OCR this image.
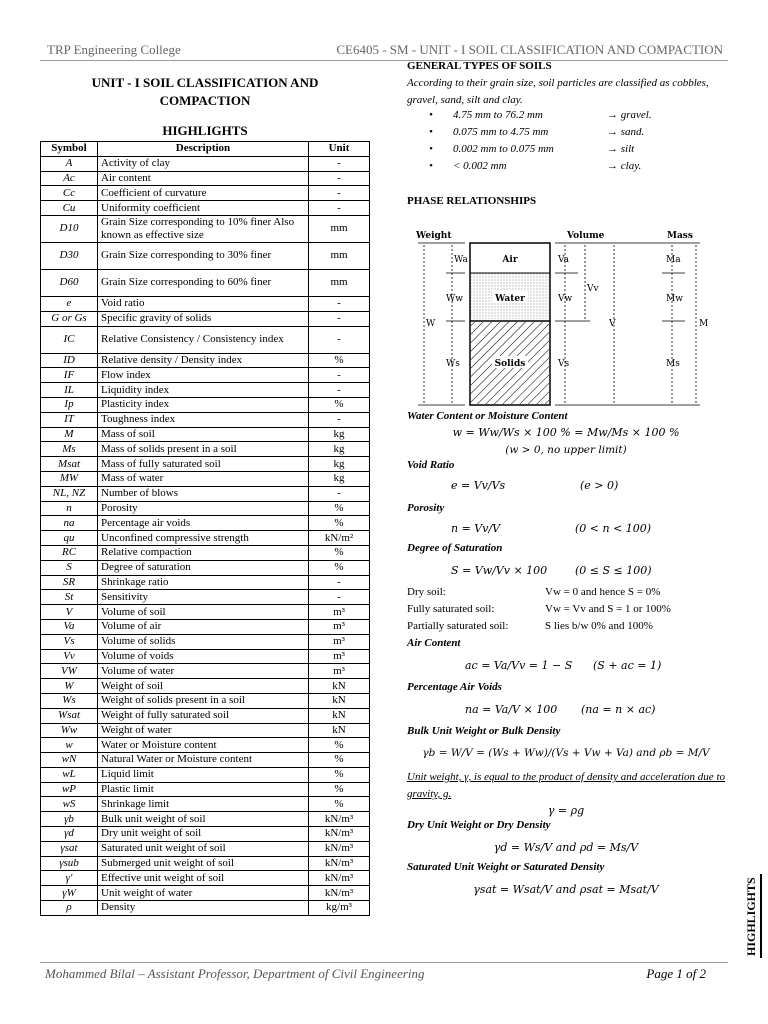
TRP Engineering College	CE6405 - SM - UNIT - I SOIL CLASSIFICATION AND COMPACTION
UNIT - I SOIL CLASSIFICATION AND
COMPACTION
HIGHLIGHTS
Symbol	Description	Unit
A	Activity of clay	-
Ac	Air content	-
Cc	Coefficient of curvature	-
Cu	Uniformity coefficient	-
D10	Grain Size corresponding to 10% finer Also known as effective size	mm
D30	Grain Size corresponding to 30% finer	mm
D60	Grain Size corresponding to 60% finer	mm
e	Void ratio	-
G or Gs	Specific gravity of solids	-
IC	Relative Consistency / Consistency index	-
ID	Relative density / Density index	%
IF	Flow index	-
IL	Liquidity index	-
Ip	Plasticity index	%
IT	Toughness index	-
M	Mass of soil	kg
Ms	Mass of solids present in a soil	kg
Msat	Mass of fully saturated soil	kg
MW	Mass of water	kg
NL, NZ	Number of blows	-
n	Porosity	%
na	Percentage air voids	%
qu	Unconfined compressive strength	kN/m²
RC	Relative compaction	%
S	Degree of saturation	%
SR	Shrinkage ratio	-
St	Sensitivity	-
V	Volume of soil	m³
Va	Volume of air	m³
Vs	Volume of solids	m³
Vv	Volume of voids	m³
VW	Volume of water	m³
W	Weight of soil	kN
Ws	Weight of solids present in a soil	kN
Wsat	Weight of fully saturated soil	kN
Ww	Weight of water	kN
w	Water or Moisture content	%
wN	Natural Water or Moisture content	%
wL	Liquid limit	%
wP	Plastic limit	%
wS	Shrinkage limit	%
γb	Bulk unit weight of soil	kN/m³
γd	Dry unit weight of soil	kN/m³
γsat	Saturated unit weight of soil	kN/m³
γsub	Submerged unit weight of soil	kN/m³
γ′	Effective unit weight of soil	kN/m³
γW	Unit weight of water	kN/m³
ρ	Density	kg/m³
GENERAL TYPES OF SOILS
According to their grain size, soil particles are classified as cobbles, gravel, sand, silt and clay.
• 4.75 mm to 76.2 mm	→ gravel.
• 0.075 mm to 4.75 mm	→ sand.
• 0.002 mm to 0.075 mm	→ silt
• < 0.002 mm	→ clay.
PHASE RELATIONSHIPS
Weight	Volume	Mass
Air
Water
Solids
Wa
Ww
Ws
W
Va
Vw
Vs
Vv
V
Ma
Mw
Ms
M
Water Content or Moisture Content
w = Ww/Ws × 100 % = Mw/Ms × 100 %
(w > 0, no upper limit)
Void Ratio
e = Vv/Vs	(e > 0)
Porosity
n = Vv/V	(0 < n < 100)
Degree of Saturation
S = Vw/Vv × 100	(0 ≤ S ≤ 100)
Dry soil:	Vw = 0 and hence S = 0%
Fully saturated soil:	Vw = Vv and S = 1 or 100%
Partially saturated soil:	S lies b/w 0% and 100%
Air Content
ac = Va/Vv = 1 − S (S + ac = 1)
Percentage Air Voids
na = Va/V × 100 (na = n × ac)
Bulk Unit Weight or Bulk Density
γb = W/V = (Ws + Ww)/(Vs + Vw + Va) and ρb = M/V
Unit weight, γ, is equal to the product of density and acceleration due to gravity, g.
γ = ρg
Dry Unit Weight or Dry Density
γd = Ws/V and ρd = Ms/V
Saturated Unit Weight or Saturated Density
γsat = Wsat/V and ρsat = Msat/V	HIGHLIGHTS
Mohammed Bilal – Assistant Professor, Department of Civil Engineering	Page 1 of 2
